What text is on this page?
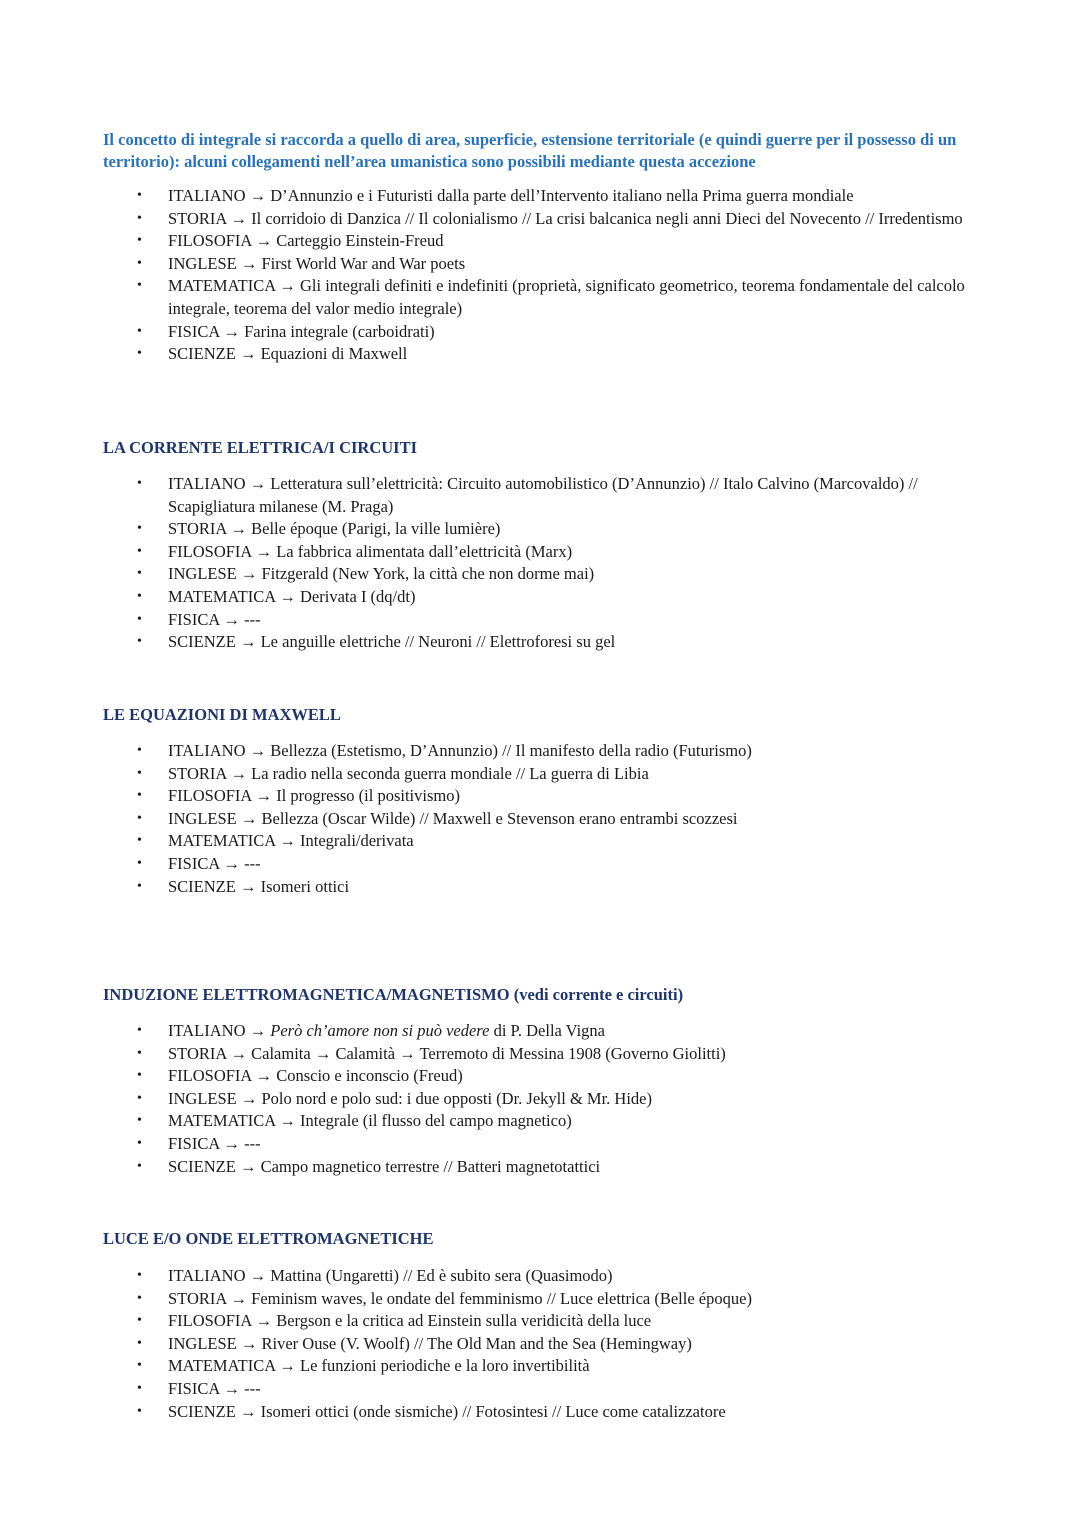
Il concetto di integrale si raccorda a quello di area, superficie, estensione territoriale (e quindi guerre per il possesso di un territorio): alcuni collegamenti nell’area umanistica sono possibili mediante questa accezione
• ITALIANO → D’Annunzio e i Futuristi dalla parte dell’Intervento italiano nella Prima guerra mondiale
• STORIA → Il corridoio di Danzica // Il colonialismo // La crisi balcanica negli anni Dieci del Novecento // Irredentismo
• FILOSOFIA → Carteggio Einstein-Freud
• INGLESE → First World War and War poets
• MATEMATICA → Gli integrali definiti e indefiniti (proprietà, significato geometrico, teorema fondamentale del calcolo integrale, teorema del valor medio integrale)
• FISICA → Farina integrale (carboidrati)
• SCIENZE → Equazioni di Maxwell
LA CORRENTE ELETTRICA/I CIRCUITI
• ITALIANO → Letteratura sull’elettricità: Circuito automobilistico (D’Annunzio) // Italo Calvino (Marcovaldo) // Scapigliatura milanese (M. Praga)
• STORIA → Belle époque (Parigi, la ville lumière)
• FILOSOFIA → La fabbrica alimentata dall’elettricità (Marx)
• INGLESE → Fitzgerald (New York, la città che non dorme mai)
• MATEMATICA → Derivata I (dq/dt)
• FISICA → ---
• SCIENZE → Le anguille elettriche // Neuroni // Elettroforesi su gel
LE EQUAZIONI DI MAXWELL
• ITALIANO → Bellezza (Estetismo, D’Annunzio) // Il manifesto della radio (Futurismo)
• STORIA → La radio nella seconda guerra mondiale // La guerra di Libia
• FILOSOFIA → Il progresso (il positivismo)
• INGLESE → Bellezza (Oscar Wilde) // Maxwell e Stevenson erano entrambi scozzesi
• MATEMATICA → Integrali/derivata
• FISICA → ---
• SCIENZE → Isomeri ottici
INDUZIONE ELETTROMAGNETICA/MAGNETISMO (vedi corrente e circuiti)
• ITALIANO → Però ch’amore non si può vedere di P. Della Vigna
• STORIA → Calamita → Calamità → Terremoto di Messina 1908 (Governo Giolitti)
• FILOSOFIA → Conscio e inconscio (Freud)
• INGLESE → Polo nord e polo sud: i due opposti (Dr. Jekyll & Mr. Hide)
• MATEMATICA → Integrale (il flusso del campo magnetico)
• FISICA → ---
• SCIENZE → Campo magnetico terrestre // Batteri magnetotattici
LUCE E/O ONDE ELETTROMAGNETICHE
• ITALIANO → Mattina (Ungaretti) // Ed è subito sera (Quasimodo)
• STORIA → Feminism waves, le ondate del femminismo // Luce elettrica (Belle époque)
• FILOSOFIA → Bergson e la critica ad Einstein sulla veridicità della luce
• INGLESE → River Ouse (V. Woolf) // The Old Man and the Sea (Hemingway)
• MATEMATICA → Le funzioni periodiche e la loro invertibilità
• FISICA → ---
• SCIENZE → Isomeri ottici (onde sismiche) // Fotosintesi // Luce come catalizzatore
